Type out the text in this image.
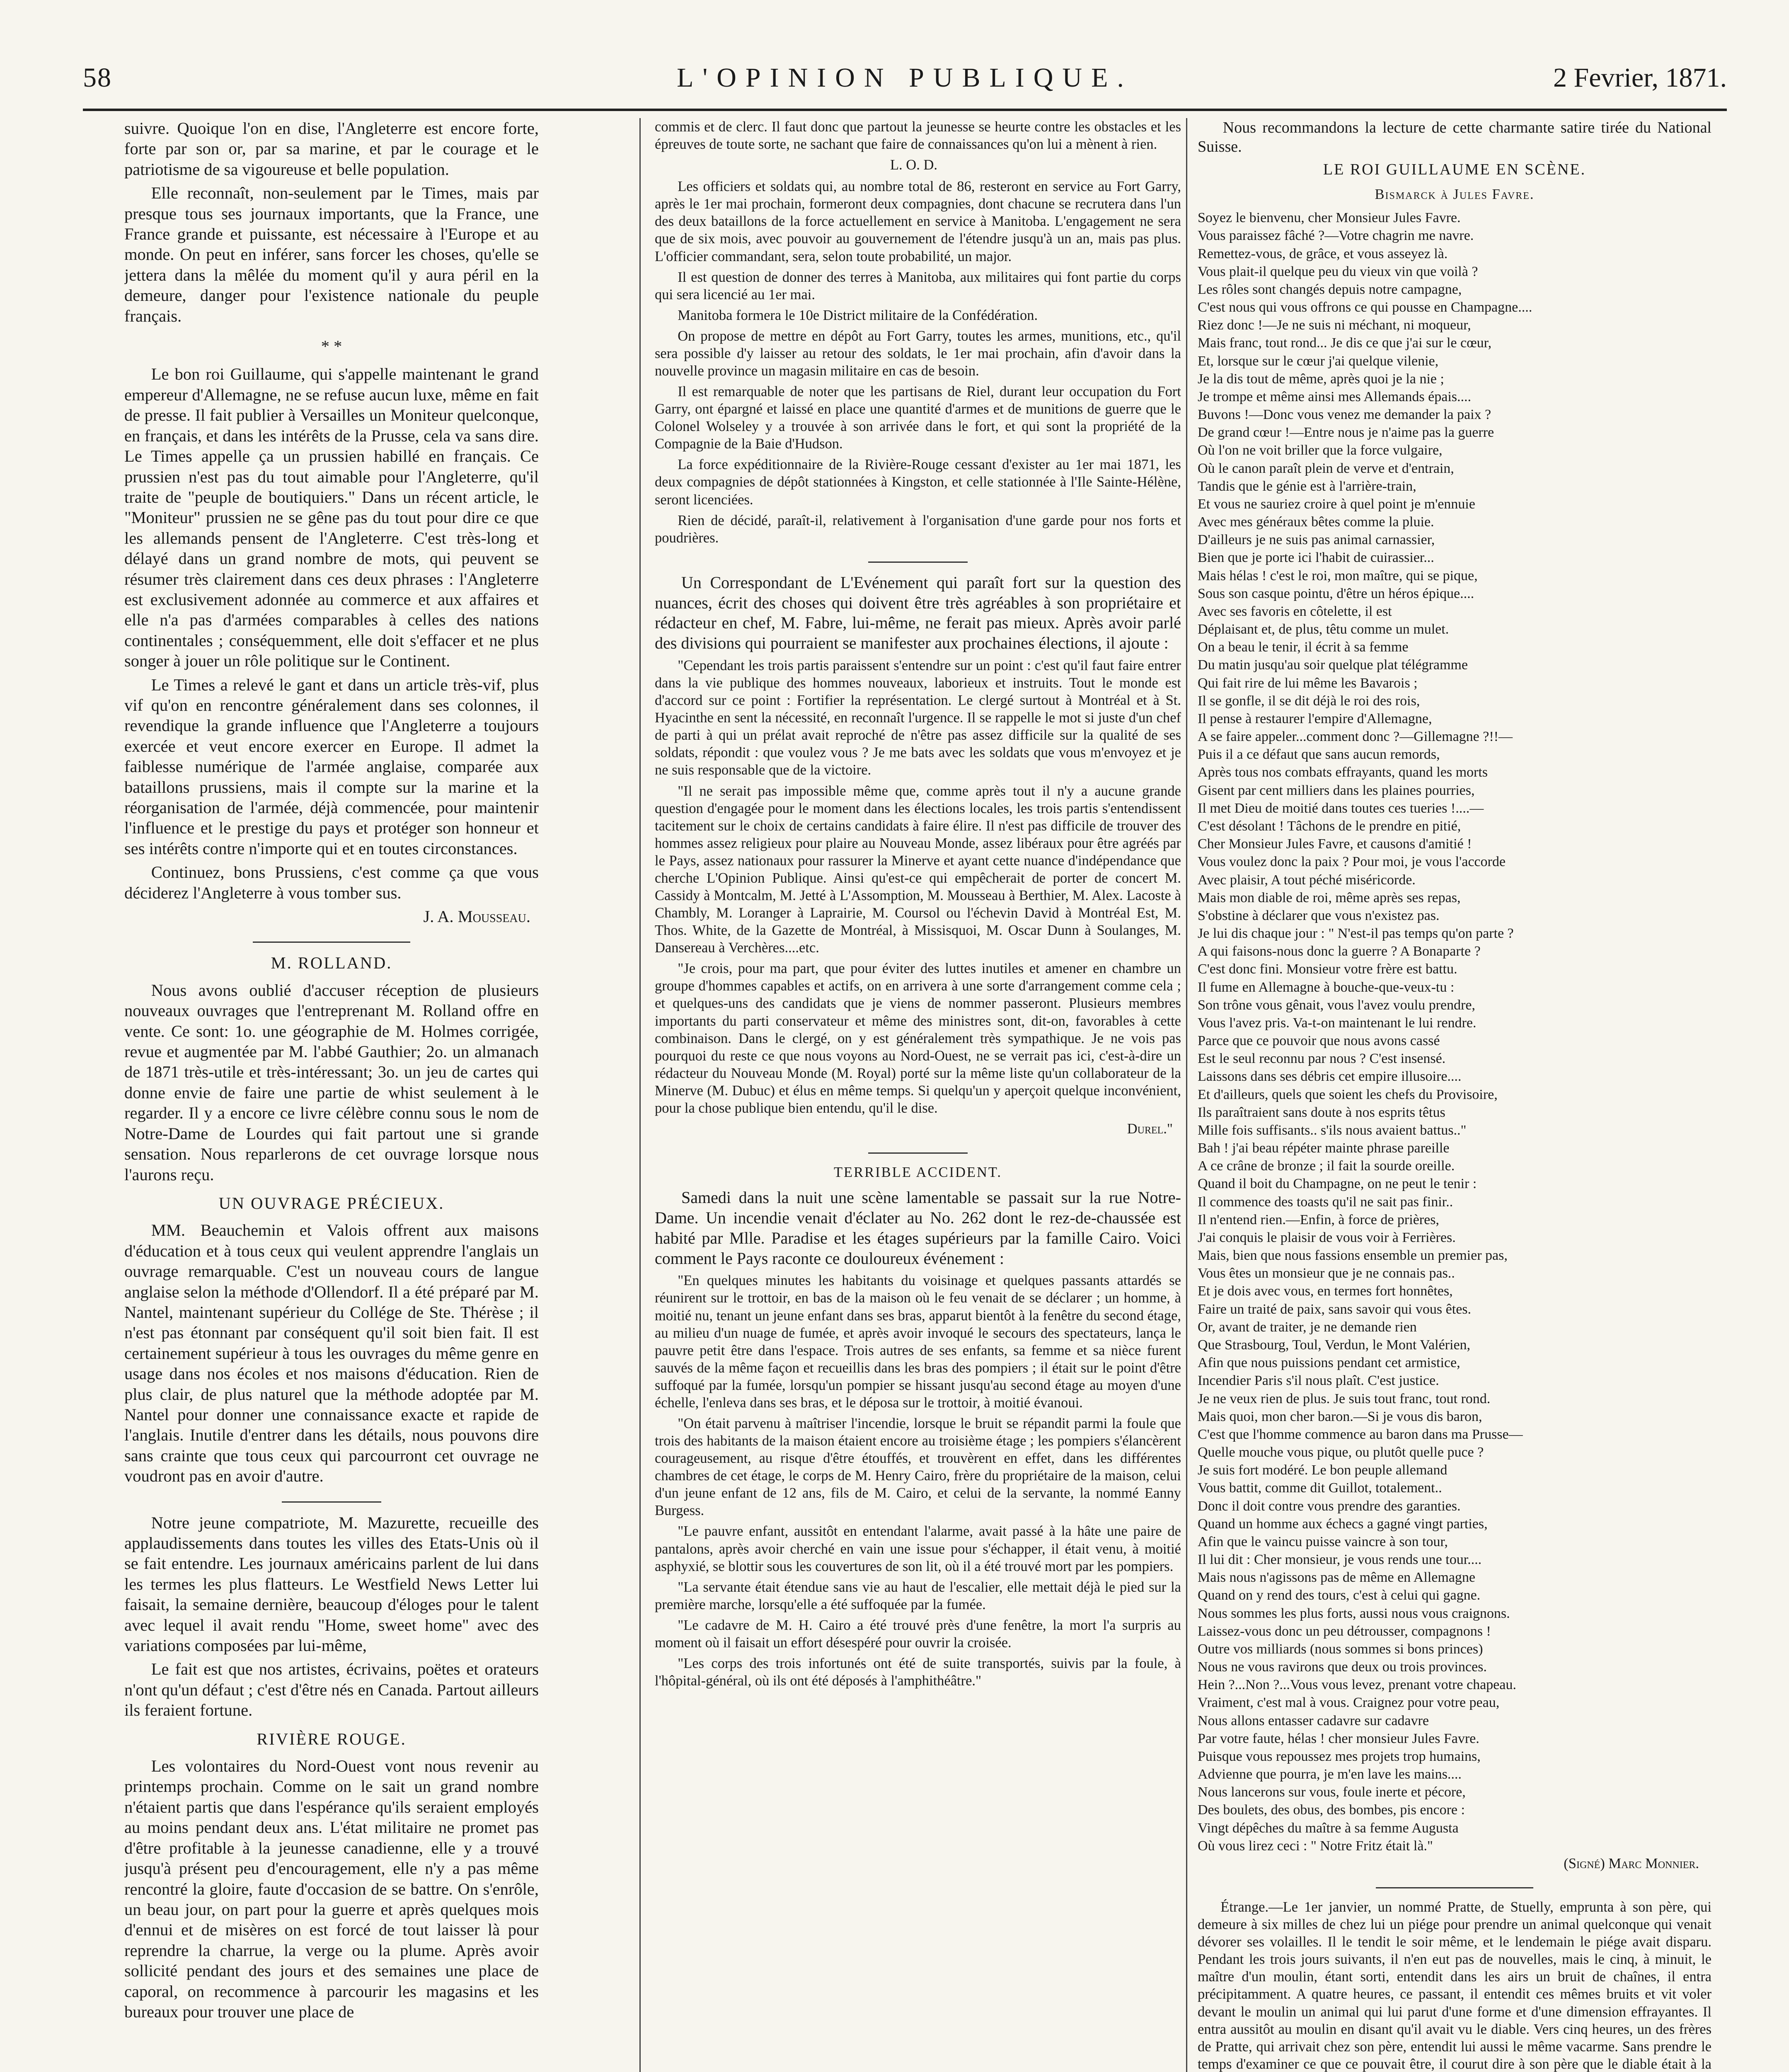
58	L'OPINION PUBLIQUE.	2 Fevrier, 1871.

suivre. Quoique l'on en dise, l'Angleterre est encore forte, forte par son or, par sa marine, et par le courage et le patriotisme de sa vigoureuse et belle population.

Elle reconnaît, non-seulement par le Times, mais par presque tous ses journaux importants, que la France, une France grande et puissante, est nécessaire à l'Europe et au monde. On peut en inférer, sans forcer les choses, qu'elle se jettera dans la mêlée du moment qu'il y aura péril en la demeure, danger pour l'existence nationale du peuple français.

* *

Le bon roi Guillaume, qui s'appelle maintenant le grand empereur d'Allemagne, ne se refuse aucun luxe, même en fait de presse. Il fait publier à Versailles un Moniteur quelconque, en français, et dans les intérêts de la Prusse, cela va sans dire. Le Times appelle ça un prussien habillé en français. Ce prussien n'est pas du tout aimable pour l'Angleterre, qu'il traite de "peuple de boutiquiers." Dans un récent article, le "Moniteur" prussien ne se gêne pas du tout pour dire ce que les allemands pensent de l'Angleterre. C'est très-long et délayé dans un grand nombre de mots, qui peuvent se résumer très clairement dans ces deux phrases : l'Angleterre est exclusivement adonnée au commerce et aux affaires et elle n'a pas d'armées comparables à celles des nations continentales ; conséquemment, elle doit s'effacer et ne plus songer à jouer un rôle politique sur le Continent.

Le Times a relevé le gant et dans un article très-vif, plus vif qu'on en rencontre généralement dans ses colonnes, il revendique la grande influence que l'Angleterre a toujours exercée et veut encore exercer en Europe. Il admet la faiblesse numérique de l'armée anglaise, comparée aux bataillons prussiens, mais il compte sur la marine et la réorganisation de l'armée, déjà commencée, pour maintenir l'influence et le prestige du pays et protéger son honneur et ses intérêts contre n'importe qui et en toutes circonstances.

Continuez, bons Prussiens, c'est comme ça que vous déciderez l'Angleterre à vous tomber sus.

J. A. Mousseau.
M. ROLLAND.

Nous avons oublié d'accuser réception de plusieurs nouveaux ouvrages que l'entreprenant M. Rolland offre en vente. Ce sont: 1o. une géographie de M. Holmes corrigée, revue et augmentée par M. l'abbé Gauthier; 2o. un almanach de 1871 très-utile et très-intéressant; 3o. un jeu de cartes qui donne envie de faire une partie de whist seulement à le regarder. Il y a encore ce livre célèbre connu sous le nom de Notre-Dame de Lourdes qui fait partout une si grande sensation. Nous reparlerons de cet ouvrage lorsque nous l'aurons reçu.

UN OUVRAGE PRÉCIEUX.

MM. Beauchemin et Valois offrent aux maisons d'éducation et à tous ceux qui veulent apprendre l'anglais un ouvrage remarquable. C'est un nouveau cours de langue anglaise selon la méthode d'Ollendorf. Il a été préparé par M. Nantel, maintenant supérieur du Collége de Ste. Thérèse ; il n'est pas étonnant par conséquent qu'il soit bien fait. Il est certainement supérieur à tous les ouvrages du même genre en usage dans nos écoles et nos maisons d'éducation. Rien de plus clair, de plus naturel que la méthode adoptée par M. Nantel pour donner une connaissance exacte et rapide de l'anglais. Inutile d'entrer dans les détails, nous pouvons dire sans crainte que tous ceux qui parcourront cet ouvrage ne voudront pas en avoir d'autre.

Notre jeune compatriote, M. Mazurette, recueille des applaudissements dans toutes les villes des Etats-Unis où il se fait entendre. Les journaux américains parlent de lui dans les termes les plus flatteurs. Le Westfield News Letter lui faisait, la semaine dernière, beaucoup d'éloges pour le talent avec lequel il avait rendu "Home, sweet home" avec des variations composées par lui-même,

Le fait est que nos artistes, écrivains, poëtes et orateurs n'ont qu'un défaut ; c'est d'être nés en Canada. Partout ailleurs ils feraient fortune.

RIVIÈRE ROUGE.

Les volontaires du Nord-Ouest vont nous revenir au printemps prochain. Comme on le sait un grand nombre n'étaient partis que dans l'espérance qu'ils seraient employés au moins pendant deux ans. L'état militaire ne promet pas d'être profitable à la jeunesse canadienne, elle y a trouvé jusqu'à présent peu d'encouragement, elle n'y a pas même rencontré la gloire, faute d'occasion de se battre. On s'enrôle, un beau jour, on part pour la guerre et après quelques mois d'ennui et de misères on est forcé de tout laisser là pour reprendre la charrue, la verge ou la plume. Après avoir sollicité pendant des jours et des semaines une place de caporal, on recommence à parcourir les magasins et les bureaux pour trouver une place de

commis et de clerc. Il faut donc que partout la jeunesse se heurte contre les obstacles et les épreuves de toute sorte, ne sachant que faire de connaissances qu'on lui a mènent à rien.

L. O. D.

Les officiers et soldats qui, au nombre total de 86, resteront en service au Fort Garry, après le 1er mai prochain, formeront deux compagnies, dont chacune se recrutera dans l'un des deux bataillons de la force actuellement en service à Manitoba. L'engagement ne sera que de six mois, avec pouvoir au gouvernement de l'étendre jusqu'à un an, mais pas plus. L'officier commandant, sera, selon toute probabilité, un major.

Il est question de donner des terres à Manitoba, aux militaires qui font partie du corps qui sera licencié au 1er mai.

Manitoba formera le 10e District militaire de la Confédération.

On propose de mettre en dépôt au Fort Garry, toutes les armes, munitions, etc., qu'il sera possible d'y laisser au retour des soldats, le 1er mai prochain, afin d'avoir dans la nouvelle province un magasin militaire en cas de besoin.

Il est remarquable de noter que les partisans de Riel, durant leur occupation du Fort Garry, ont épargné et laissé en place une quantité d'armes et de munitions de guerre que le Colonel Wolseley y a trouvée à son arrivée dans le fort, et qui sont la propriété de la Compagnie de la Baie d'Hudson.

La force expéditionnaire de la Rivière-Rouge cessant d'exister au 1er mai 1871, les deux compagnies de dépôt stationnées à Kingston, et celle stationnée à l'Ile Sainte-Hélène, seront licenciées.

Rien de décidé, paraît-il, relativement à l'organisation d'une garde pour nos forts et poudrières.

Un Correspondant de L'Evénement qui paraît fort sur la question des nuances, écrit des choses qui doivent être très agréables à son propriétaire et rédacteur en chef, M. Fabre, lui-même, ne ferait pas mieux. Après avoir parlé des divisions qui pourraient se manifester aux prochaines élections, il ajoute :

"Cependant les trois partis paraissent s'entendre sur un point : c'est qu'il faut faire entrer dans la vie publique des hommes nouveaux, laborieux et instruits. Tout le monde est d'accord sur ce point : Fortifier la représentation. Le clergé surtout à Montréal et à St. Hyacinthe en sent la nécessité, en reconnaît l'urgence. Il se rappelle le mot si juste d'un chef de parti à qui un prélat avait reproché de n'être pas assez difficile sur la qualité de ses soldats, répondit : que voulez vous ? Je me bats avec les soldats que vous m'envoyez et je ne suis responsable que de la victoire.

"Il ne serait pas impossible même que, comme après tout il n'y a aucune grande question d'engagée pour le moment dans les élections locales, les trois partis s'entendissent tacitement sur le choix de certains candidats à faire élire. Il n'est pas difficile de trouver des hommes assez religieux pour plaire au Nouveau Monde, assez libéraux pour être agréés par le Pays, assez nationaux pour rassurer la Minerve et ayant cette nuance d'indépendance que cherche L'Opinion Publique. Ainsi qu'est-ce qui empêcherait de porter de concert M. Cassidy à Montcalm, M. Jetté à L'Assomption, M. Mousseau à Berthier, M. Alex. Lacoste à Chambly, M. Loranger à Laprairie, M. Coursol ou l'échevin David à Montréal Est, M. Thos. White, de la Gazette de Montréal, à Missisquoi, M. Oscar Dunn à Soulanges, M. Dansereau à Verchères....etc.

"Je crois, pour ma part, que pour éviter des luttes inutiles et amener en chambre un groupe d'hommes capables et actifs, on en arrivera à une sorte d'arrangement comme cela ; et quelques-uns des candidats que je viens de nommer passeront. Plusieurs membres importants du parti conservateur et même des ministres sont, dit-on, favorables à cette combinaison. Dans le clergé, on y est généralement très sympathique. Je ne vois pas pourquoi du reste ce que nous voyons au Nord-Ouest, ne se verrait pas ici, c'est-à-dire un rédacteur du Nouveau Monde (M. Royal) porté sur la même liste qu'un collaborateur de la Minerve (M. Dubuc) et élus en même temps. Si quelqu'un y aperçoit quelque inconvénient, pour la chose publique bien entendu, qu'il le dise.

Durel."
TERRIBLE ACCIDENT.

Samedi dans la nuit une scène lamentable se passait sur la rue Notre-Dame. Un incendie venait d'éclater au No. 262 dont le rez-de-chaussée est habité par Mlle. Paradise et les étages supérieurs par la famille Cairo. Voici comment le Pays raconte ce douloureux événement :

"En quelques minutes les habitants du voisinage et quelques passants attardés se réunirent sur le trottoir, en bas de la maison où le feu venait de se déclarer ; un homme, à moitié nu, tenant un jeune enfant dans ses bras, apparut bientôt à la fenêtre du second étage, au milieu d'un nuage de fumée, et après avoir invoqué le secours des spectateurs, lança le pauvre petit être dans l'espace. Trois autres de ses enfants, sa femme et sa nièce furent sauvés de la même façon et recueillis dans les bras des pompiers ; il était sur le point d'être suffoqué par la fumée, lorsqu'un pompier se hissant jusqu'au second étage au moyen d'une échelle, l'enleva dans ses bras, et le déposa sur le trottoir, à moitié évanoui.

"On était parvenu à maîtriser l'incendie, lorsque le bruit se répandit parmi la foule que trois des habitants de la maison étaient encore au troisième étage ; les pompiers s'élancèrent courageusement, au risque d'être étouffés, et trouvèrent en effet, dans les différentes chambres de cet étage, le corps de M. Henry Cairo, frère du propriétaire de la maison, celui d'un jeune enfant de 12 ans, fils de M. Cairo, et celui de la servante, la nommé Eanny Burgess.

"Le pauvre enfant, aussitôt en entendant l'alarme, avait passé à la hâte une paire de pantalons, après avoir cherché en vain une issue pour s'échapper, il était venu, à moitié asphyxié, se blottir sous les couvertures de son lit, où il a été trouvé mort par les pompiers.

"La servante était étendue sans vie au haut de l'escalier, elle mettait déjà le pied sur la première marche, lorsqu'elle a été suffoquée par la fumée.

"Le cadavre de M. H. Cairo a été trouvé près d'une fenêtre, la mort l'a surpris au moment où il faisait un effort désespéré pour ouvrir la croisée.

"Les corps des trois infortunés ont été de suite transportés, suivis par la foule, à l'hôpital-général, où ils ont été déposés à l'amphithéâtre."

Nous recommandons la lecture de cette charmante satire tirée du National Suisse.

LE ROI GUILLAUME EN SCÈNE.
Bismarck à Jules Favre.
Soyez le bienvenu, cher Monsieur Jules Favre.
Vous paraissez fâché ?—Votre chagrin me navre.
Remettez-vous, de grâce, et vous asseyez là.
Vous plait-il quelque peu du vieux vin que voilà ?
Les rôles sont changés depuis notre campagne,
C'est nous qui vous offrons ce qui pousse en Champagne....
Riez donc !—Je ne suis ni méchant, ni moqueur,
Mais franc, tout rond... Je dis ce que j'ai sur le cœur,
Et, lorsque sur le cœur j'ai quelque vilenie,
Je la dis tout de même, après quoi je la nie ;
Je trompe et même ainsi mes Allemands épais....
Buvons !—Donc vous venez me demander la paix ?
De grand cœur !—Entre nous je n'aime pas la guerre
Où l'on ne voit briller que la force vulgaire,
Où le canon paraît plein de verve et d'entrain,
Tandis que le génie est à l'arrière-train,
Et vous ne sauriez croire à quel point je m'ennuie
Avec mes généraux bêtes comme la pluie.
D'ailleurs je ne suis pas animal carnassier,
Bien que je porte ici l'habit de cuirassier...
Mais hélas ! c'est le roi, mon maître, qui se pique,
Sous son casque pointu, d'être un héros épique....
Avec ses favoris en côtelette, il est
Déplaisant et, de plus, têtu comme un mulet.
On a beau le tenir, il écrit à sa femme
Du matin jusqu'au soir quelque plat télégramme
Qui fait rire de lui même les Bavarois ;
Il se gonfle, il se dit déjà le roi des rois,
Il pense à restaurer l'empire d'Allemagne,
A se faire appeler...comment donc ?—Gillemagne ?!!—
Puis il a ce défaut que sans aucun remords,
Après tous nos combats effrayants, quand les morts
Gisent par cent milliers dans les plaines pourries,
Il met Dieu de moitié dans toutes ces tueries !....—
C'est désolant ! Tâchons de le prendre en pitié,
Cher Monsieur Jules Favre, et causons d'amitié !
Vous voulez donc la paix ? Pour moi, je vous l'accorde
Avec plaisir, A tout péché miséricorde.
Mais mon diable de roi, même après ses repas,
S'obstine à déclarer que vous n'existez pas.
Je lui dis chaque jour : " N'est-il pas temps qu'on parte ?
A qui faisons-nous donc la guerre ? A Bonaparte ?
C'est donc fini. Monsieur votre frère est battu.
Il fume en Allemagne à bouche-que-veux-tu :
Son trône vous gênait, vous l'avez voulu prendre,
Vous l'avez pris. Va-t-on maintenant le lui rendre.
Parce que ce pouvoir que nous avons cassé
Est le seul reconnu par nous ? C'est insensé.
Laissons dans ses débris cet empire illusoire....
Et d'ailleurs, quels que soient les chefs du Provisoire,
Ils paraîtraient sans doute à nos esprits têtus
Mille fois suffisants.. s'ils nous avaient battus.."
Bah ! j'ai beau répéter mainte phrase pareille
A ce crâne de bronze ; il fait la sourde oreille.
Quand il boit du Champagne, on ne peut le tenir :
Il commence des toasts qu'il ne sait pas finir..
Il n'entend rien.—Enfin, à force de prières,
J'ai conquis le plaisir de vous voir à Ferrières.
Mais, bien que nous fassions ensemble un premier pas,
Vous êtes un monsieur que je ne connais pas..
Et je dois avec vous, en termes fort honnêtes,
Faire un traité de paix, sans savoir qui vous êtes.
Or, avant de traiter, je ne demande rien
Que Strasbourg, Toul, Verdun, le Mont Valérien,
Afin que nous puissions pendant cet armistice,
Incendier Paris s'il nous plaît. C'est justice.
Je ne veux rien de plus. Je suis tout franc, tout rond.
Mais quoi, mon cher baron.—Si je vous dis baron,
C'est que l'homme commence au baron dans ma Prusse—
Quelle mouche vous pique, ou plutôt quelle puce ?
Je suis fort modéré. Le bon peuple allemand
Vous battit, comme dit Guillot, totalement..
Donc il doit contre vous prendre des garanties.
Quand un homme aux échecs a gagné vingt parties,
Afin que le vaincu puisse vaincre à son tour,
Il lui dit : Cher monsieur, je vous rends une tour....
Mais nous n'agissons pas de même en Allemagne
Quand on y rend des tours, c'est à celui qui gagne.
Nous sommes les plus forts, aussi nous vous craignons.
Laissez-vous donc un peu détrousser, compagnons !
Outre vos milliards (nous sommes si bons princes)
Nous ne vous ravirons que deux ou trois provinces.
Hein ?...Non ?...Vous vous levez, prenant votre chapeau.
Vraiment, c'est mal à vous. Craignez pour votre peau,
Nous allons entasser cadavre sur cadavre
Par votre faute, hélas ! cher monsieur Jules Favre.
Puisque vous repoussez mes projets trop humains,
Advienne que pourra, je m'en lave les mains....
Nous lancerons sur vous, foule inerte et pécore,
Des boulets, des obus, des bombes, pis encore :
Vingt dépêches du maître à sa femme Augusta
Où vous lirez ceci : " Notre Fritz était là."
(Signé) Marc Monnier.

Étrange.—Le 1er janvier, un nommé Pratte, de Stuelly, emprunta à son père, qui demeure à six milles de chez lui un piége pour prendre un animal quelconque qui venait dévorer ses volailles. Il le tendit le soir même, et le lendemain le piége avait disparu. Pendant les trois jours suivants, il n'en eut pas de nouvelles, mais le cinq, à minuit, le maître d'un moulin, étant sorti, entendit dans les airs un bruit de chaînes, il entra précipitamment. A quatre heures, ce passant, il entendit ces mêmes bruits et vit voler devant le moulin un animal qui lui parut d'une forme et d'une dimension effrayantes. Il entra aussitôt au moulin en disant qu'il avait vu le diable. Vers cinq heures, un des frères de Pratte, qui arrivait chez son père, entendit lui aussi le même vacarme. Sans prendre le temps d'examiner ce que ce pouvait être, il courut dire à son père que le diable était à la
